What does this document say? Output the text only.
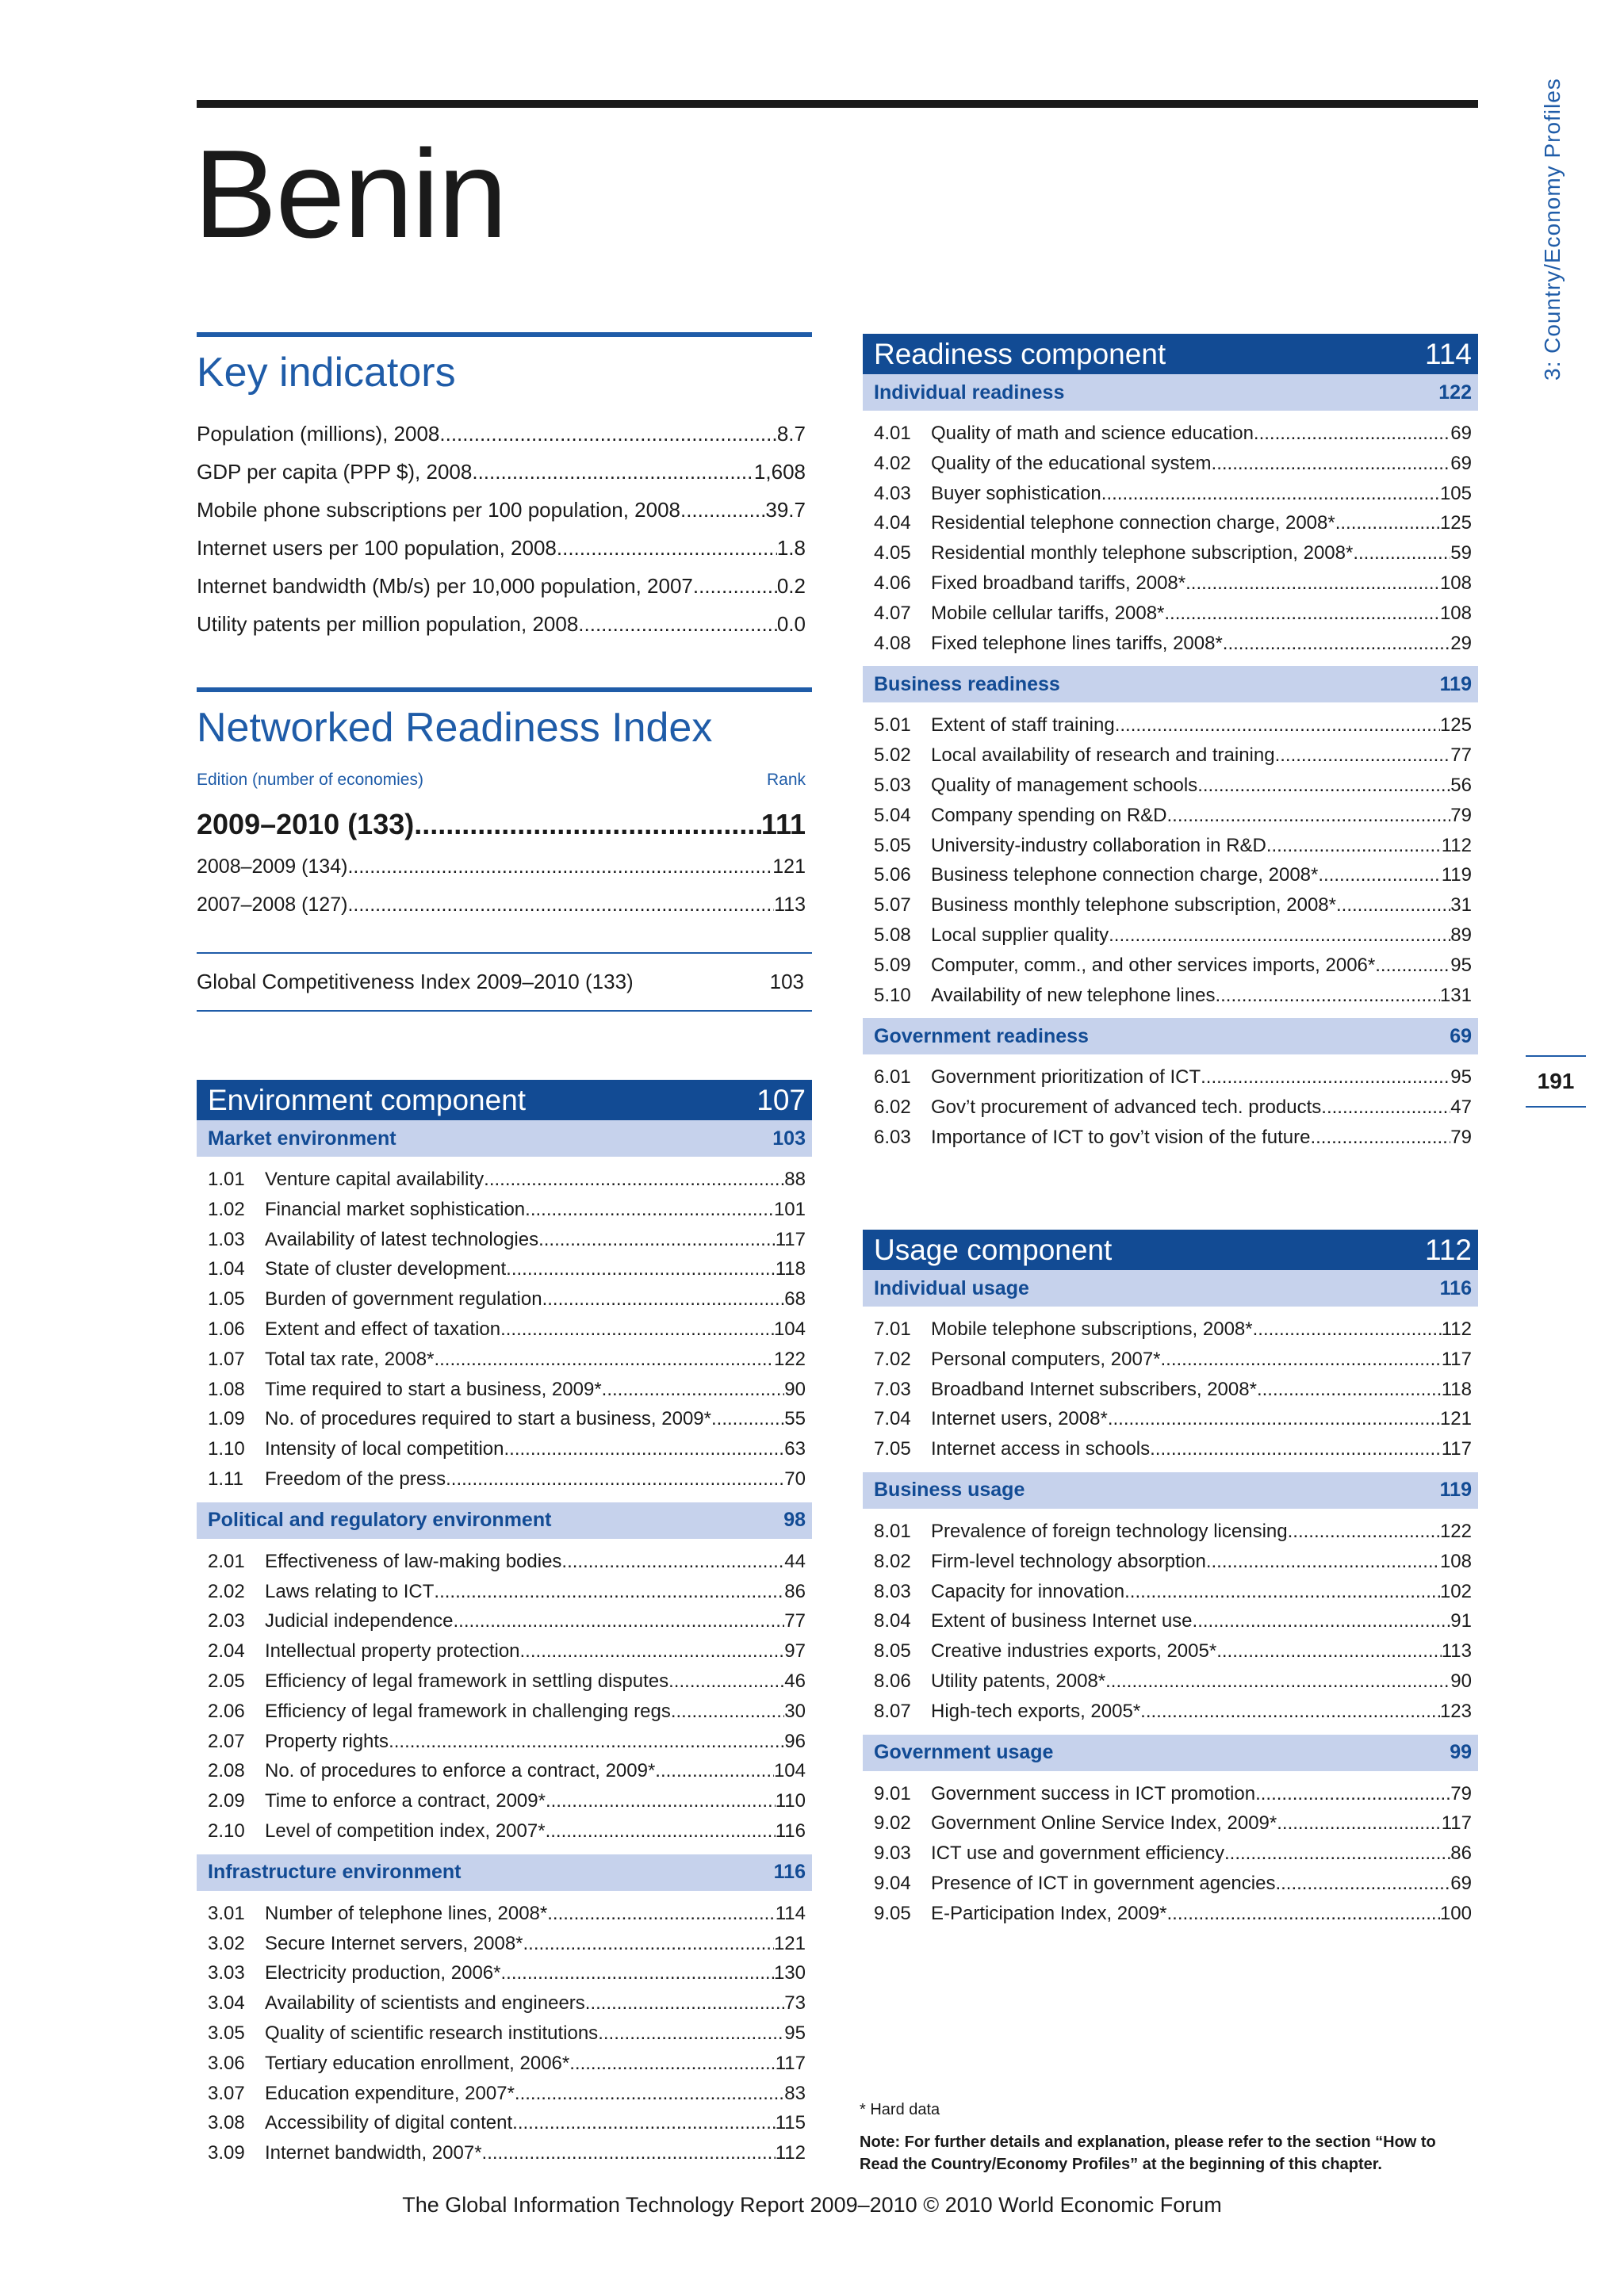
Benin	3: Country/Economy Profiles
191
Key indicators
Population (millions), 2008 .....	8.7
GDP per capita (PPP $), 2008 .....	1,608
Mobile phone subscriptions per 100 population, 2008 .....	39.7
Internet users per 100 population, 2008 .....	1.8
Internet bandwidth (Mb/s) per 10,000 population, 2007 .....	0.2
Utility patents per million population, 2008 .....	0.0
Networked Readiness Index
Edition (number of economies)	Rank
2009–2010 (133) .....	111
2008–2009 (134) .....	121
2007–2008 (127) .....	113
Global Competitiveness Index 2009–2010 (133)	103
Environment component	107
Market environment	103
1.01	Venture capital availability .....	88
1.02	Financial market sophistication .....	101
1.03	Availability of latest technologies .....	117
1.04	State of cluster development .....	118
1.05	Burden of government regulation .....	68
1.06	Extent and effect of taxation .....	104
1.07	Total tax rate, 2008* .....	122
1.08	Time required to start a business, 2009* .....	90
1.09	No. of procedures required to start a business, 2009* .....	55
1.10	Intensity of local competition .....	63
1.11	Freedom of the press .....	70
Political and regulatory environment	98
2.01	Effectiveness of law-making bodies .....	44
2.02	Laws relating to ICT .....	86
2.03	Judicial independence .....	77
2.04	Intellectual property protection .....	97
2.05	Efficiency of legal framework in settling disputes .....	46
2.06	Efficiency of legal framework in challenging regs .....	30
2.07	Property rights .....	96
2.08	No. of procedures to enforce a contract, 2009* .....	104
2.09	Time to enforce a contract, 2009* .....	110
2.10	Level of competition index, 2007* .....	116
Infrastructure environment	116
3.01	Number of telephone lines, 2008* .....	114
3.02	Secure Internet servers, 2008* .....	121
3.03	Electricity production, 2006* .....	130
3.04	Availability of scientists and engineers .....	73
3.05	Quality of scientific research institutions .....	95
3.06	Tertiary education enrollment, 2006* .....	117
3.07	Education expenditure, 2007* .....	83
3.08	Accessibility of digital content .....	115
3.09	Internet bandwidth, 2007* .....	112
Readiness component	114
Individual readiness	122
4.01	Quality of math and science education .....	69
4.02	Quality of the educational system .....	69
4.03	Buyer sophistication .....	105
4.04	Residential telephone connection charge, 2008* .....	125
4.05	Residential monthly telephone subscription, 2008* .....	59
4.06	Fixed broadband tariffs, 2008* .....	108
4.07	Mobile cellular tariffs, 2008* .....	108
4.08	Fixed telephone lines tariffs, 2008* .....	29
Business readiness	119
5.01	Extent of staff training .....	125
5.02	Local availability of research and training .....	77
5.03	Quality of management schools .....	56
5.04	Company spending on R&D .....	79
5.05	University-industry collaboration in R&D .....	112
5.06	Business telephone connection charge, 2008* .....	119
5.07	Business monthly telephone subscription, 2008* .....	31
5.08	Local supplier quality .....	89
5.09	Computer, comm., and other services imports, 2006* .....	95
5.10	Availability of new telephone lines .....	131
Government readiness	69
6.01	Government prioritization of ICT .....	95
6.02	Gov’t procurement of advanced tech. products .....	47
6.03	Importance of ICT to gov’t vision of the future .....	79
Usage component	112
Individual usage	116
7.01	Mobile telephone subscriptions, 2008* .....	112
7.02	Personal computers, 2007* .....	117
7.03	Broadband Internet subscribers, 2008* .....	118
7.04	Internet users, 2008* .....	121
7.05	Internet access in schools .....	117
Business usage	119
8.01	Prevalence of foreign technology licensing .....	122
8.02	Firm-level technology absorption .....	108
8.03	Capacity for innovation .....	102
8.04	Extent of business Internet use .....	91
8.05	Creative industries exports, 2005* .....	113
8.06	Utility patents, 2008* .....	90
8.07	High-tech exports, 2005* .....	123
Government usage	99
9.01	Government success in ICT promotion .....	79
9.02	Government Online Service Index, 2009* .....	117
9.03	ICT use and government efficiency .....	86
9.04	Presence of ICT in government agencies .....	69
9.05	E-Participation Index, 2009* .....	100
* Hard data
Note: For further details and explanation, please refer to the section “How to Read the Country/Economy Profiles” at the beginning of this chapter.
The Global Information Technology Report 2009–2010 © 2010 World Economic Forum
